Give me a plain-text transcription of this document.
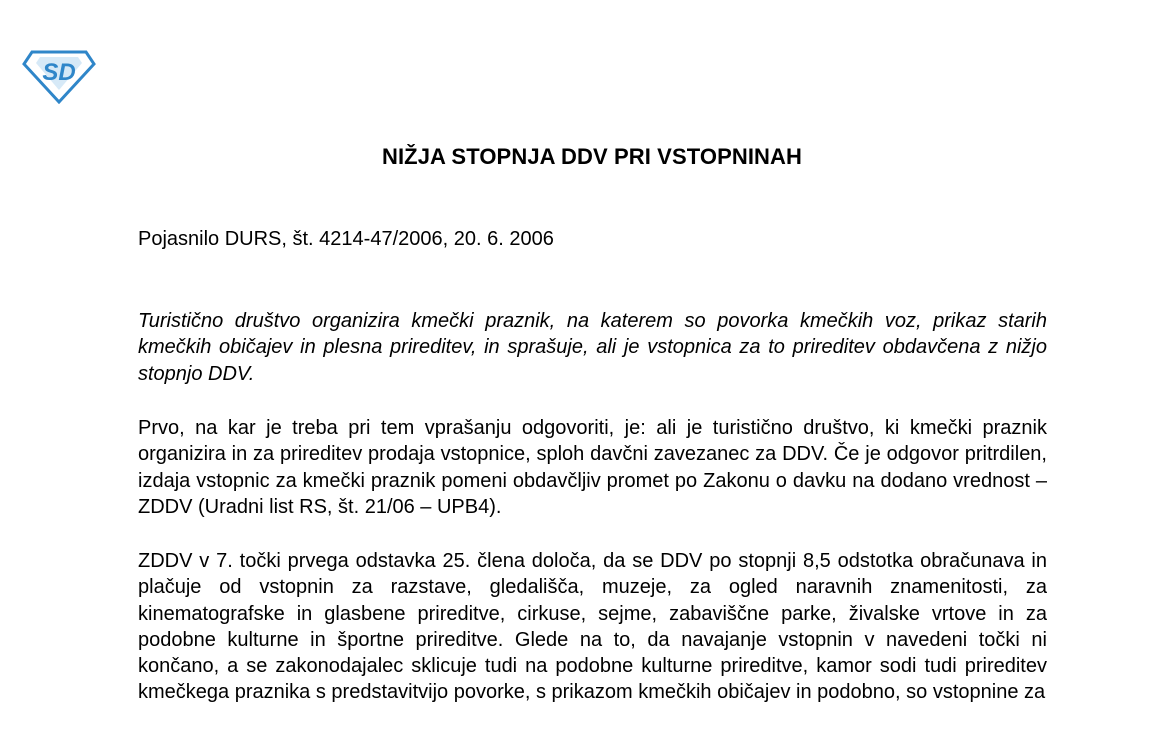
SD
NIŽJA STOPNJA DDV PRI VSTOPNINAH
Pojasnilo DURS, št. 4214-47/2006, 20. 6. 2006

Turistično društvo organizira kmečki praznik, na katerem so povorka kmečkih voz, prikaz starih kmečkih običajev in plesna prireditev, in sprašuje, ali je vstopnica za to prireditev obdavčena z nižjo stopnjo DDV.

Prvo, na kar je treba pri tem vprašanju odgovoriti, je: ali je turistično društvo, ki kmečki praznik organizira in za prireditev prodaja vstopnice, sploh davčni zavezanec za DDV. Če je odgovor pritrdilen, izdaja vstopnic za kmečki praznik pomeni obdavčljiv promet po Zakonu o davku na dodano vrednost – ZDDV (Uradni list RS, št. 21/06 – UPB4).

ZDDV v 7. točki prvega odstavka 25. člena določa, da se DDV po stopnji 8,5 odstotka obračunava in plačuje od vstopnin za razstave, gledališča, muzeje, za ogled naravnih znamenitosti, za kinematografske in glasbene prireditve, cirkuse, sejme, zabaviščne parke, živalske vrtove in za podobne kulturne in športne prireditve. Glede na to, da navajanje vstopnin v navedeni točki ni končano, a se zakonodajalec sklicuje tudi na podobne kulturne prireditve, kamor sodi tudi prireditev kmečkega praznika s predstavitvijo povorke, s prikazom kmečkih običajev in podobno, so vstopnine za
